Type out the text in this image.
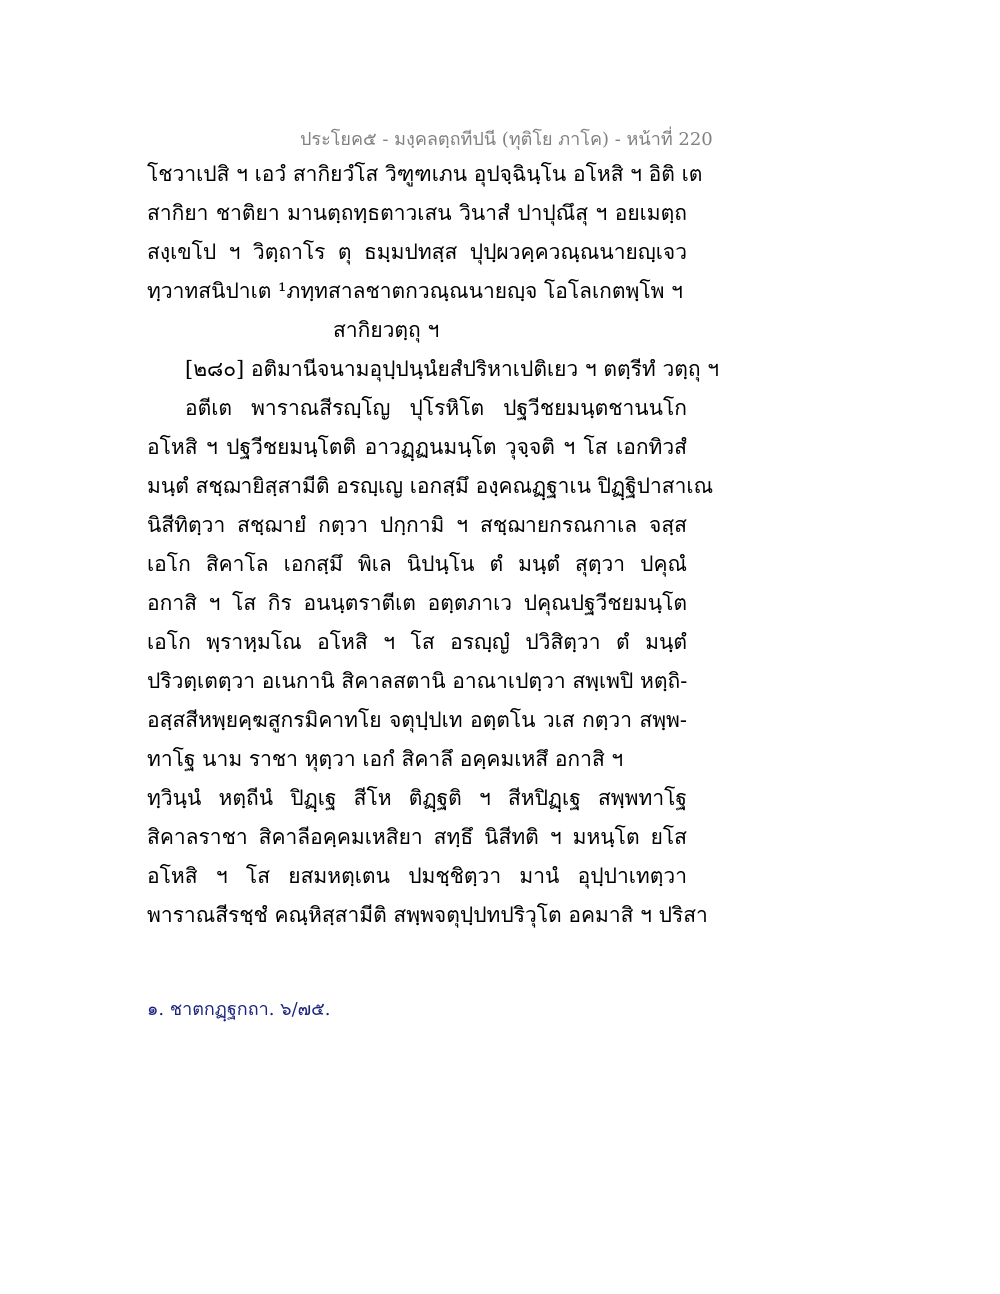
ประโยค๕ - มงฺคลตฺถทีปนี (ทุติโย ภาโค) - หน้าที่ 220
โชวาเปสิ ฯ เอวํ สากิยวํโส วิฑูฑเภน อุปจฺฉินฺโน อโหสิ ฯ อิติ เต
สากิยา ชาติยา มานตฺถทฺธตาวเสน วินาสํ ปาปุณึสุ ฯ อยเมตฺถ
สงฺเขโป ฯ วิตฺถาโร ตุ ธมฺมปทสฺส ปุปฺผวคฺควณฺณนายญฺเจว
ทฺวาทสนิปาเต ¹ภทฺทสาลชาตกวณฺณนายญฺจ โอโลเกตพฺโพ ฯ
สากิยวตฺถุ ฯ
[๒๘๐] อติมานีจนามอุปฺปนฺนํยสํปริหาเปติเยว ฯ ตตฺรีทํ วตฺถุ ฯ
อตีเต พาราณสีรญฺโญ ปุโรหิโต ปฐวีชยมนฺตชานนโก
อโหสิ ฯ ปฐวีชยมนฺโตติ อาวฏฺฏนมนฺโต วุจฺจติ ฯ โส เอกทิวสํ
มนฺตํ สชฺฌายิสฺสามีติ อรญฺเญ เอกสฺมึ องฺคณฏฺฐาเน ปิฏฺฐิปาสาเณ
นิสีทิตฺวา สชฺฌายํ กตฺวา ปกฺกามิ ฯ สชฺฌายกรณกาเล จสฺส
เอโก สิคาโล เอกสฺมึ พิเล นิปนฺโน ตํ มนฺตํ สุตฺวา ปคุณํ
อกาสิ ฯ โส กิร อนนฺตราตีเต อตฺตภาเว ปคุณปฐวีชยมนฺโต
เอโก พฺราหฺมโณ อโหสิ ฯ โส อรญฺญํ ปวิสิตฺวา ตํ มนฺตํ
ปริวตฺเตตฺวา อเนกานิ สิคาลสตานิ อาณาเปตฺวา สพฺเพปิ หตฺถิ-
อสฺสสีหพฺยคฺฆสูกรมิคาทโย จตุปฺปเท อตฺตโน วเส กตฺวา สพฺพ-
ทาโฐ นาม ราชา หุตฺวา เอกํ สิคาลึ อคฺคมเหสึ อกาสิ ฯ
ทฺวินฺนํ หตฺถีนํ ปิฏฺเฐ สีโห ติฏฺฐติ ฯ สีหปิฏฺเฐ สพฺพทาโฐ
สิคาลราชา สิคาลีอคฺคมเหสิยา สทฺธึ นิสีทติ ฯ มหนฺโต ยโส
อโหสิ ฯ โส ยสมหตฺเตน ปมชฺชิตฺวา มานํ อุปฺปาเทตฺวา
พาราณสีรชฺชํ คณฺหิสฺสามีติ สพฺพจตุปฺปทปริวุโต อคมาสิ ฯ ปริสา
๑. ชาตกฏฺฐกถา. ๖/๗๕.
